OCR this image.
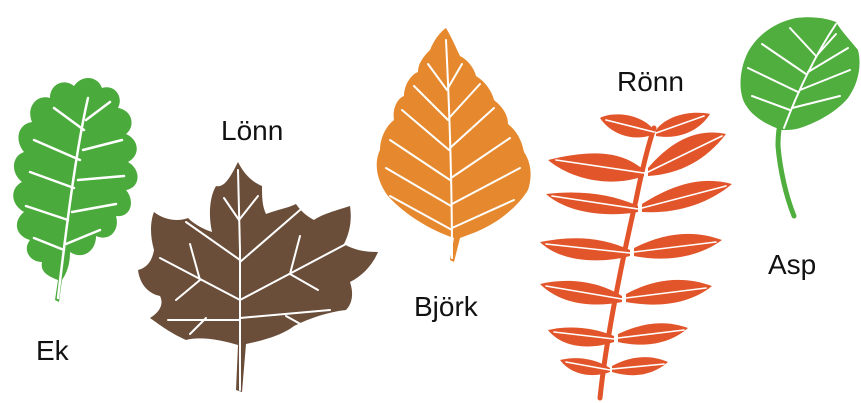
Ek
Lönn
Björk
Rönn
Asp
